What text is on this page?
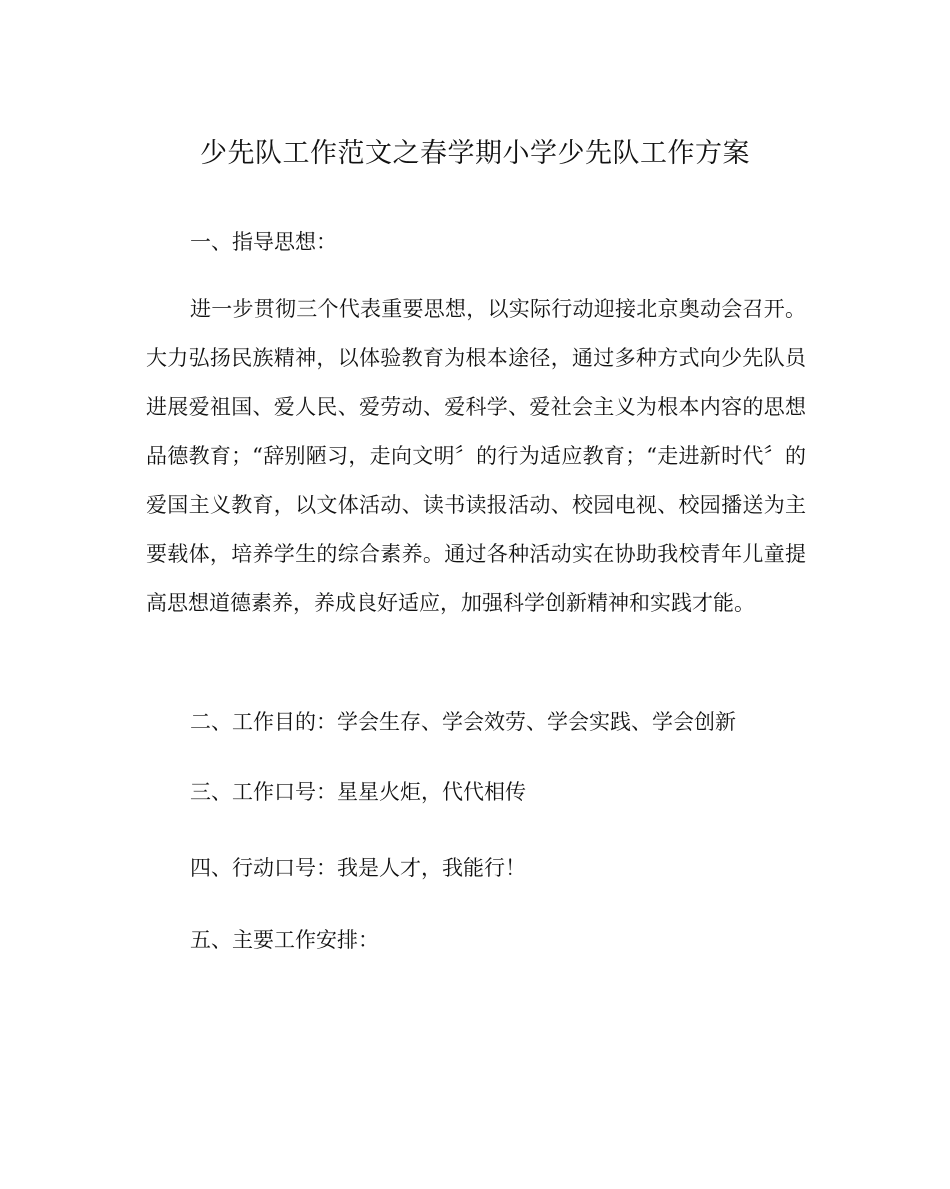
少先队工作范文之春学期小学少先队工作方案

一、指导思想：

进一步贯彻三个代表重要思想，以实际行动迎接北京奥动会召开。大力弘扬民族精神，以体验教育为根本途径，通过多种方式向少先队员进展爱祖国、爱人民、爱劳动、爱科学、爱社会主义为根本内容的思想品德教育；“辞别陋习，走向文明〞的行为适应教育；“走进新时代〞的爱国主义教育，以文体活动、读书读报活动、校园电视、校园播送为主要载体，培养学生的综合素养。通过各种活动实在协助我校青年儿童提高思想道德素养，养成良好适应，加强科学创新精神和实践才能。

二、工作目的：学会生存、学会效劳、学会实践、学会创新

三、工作口号：星星火炬，代代相传

四、行动口号：我是人才，我能行！

五、主要工作安排：
